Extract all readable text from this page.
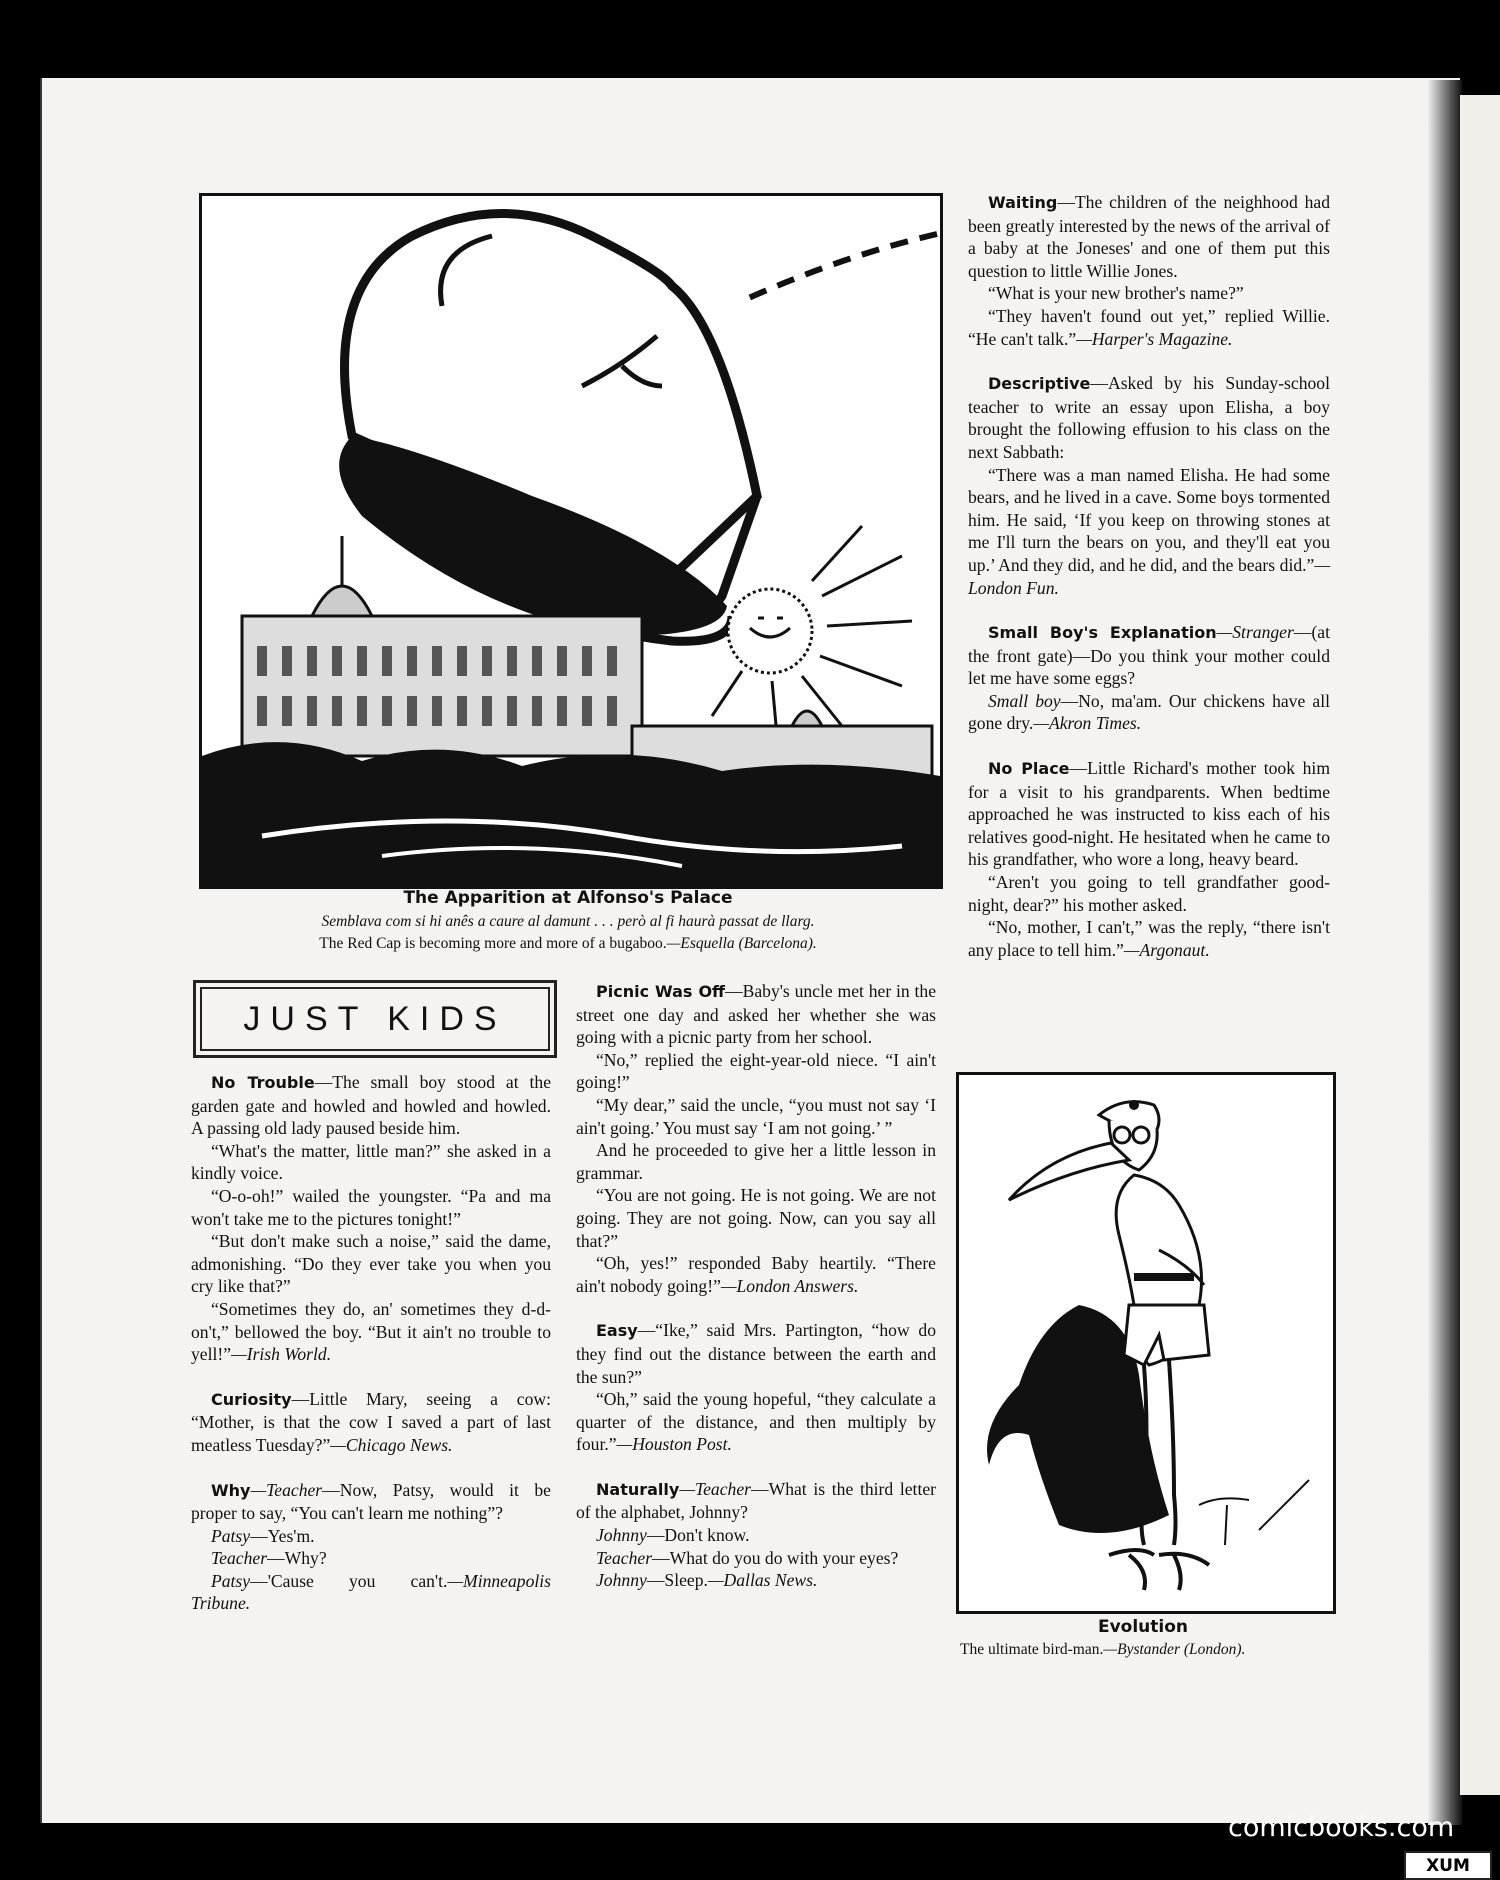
The Apparition at Alfonso's Palace
Semblava com si hi anês a caure al damunt . . . però al fi haurà passat de llarg.
The Red Cap is becoming more and more of a bugaboo.—Esquella (Barcelona).
JUST KIDS

No Trouble—The small boy stood at the garden gate and howled and howled and howled. A passing old lady paused beside him.

“What's the matter, little man?” she asked in a kindly voice.

“O-o-oh!” wailed the youngster. “Pa and ma won't take me to the pictures tonight!”

“But don't make such a noise,” said the dame, admonishing. “Do they ever take you when you cry like that?”

“Sometimes they do, an' sometimes they d-d-on't,” bellowed the boy. “But it ain't no trouble to yell!”—Irish World.

Curiosity—Little Mary, seeing a cow: “Mother, is that the cow I saved a part of last meatless Tuesday?”—Chicago News.

Why—Teacher—Now, Patsy, would it be proper to say, “You can't learn me nothing”?

Patsy—Yes'm.

Teacher—Why?

Patsy—'Cause you can't.—Minneapolis Tribune.

Picnic Was Off—Baby's uncle met her in the street one day and asked her whether she was going with a picnic party from her school.

“No,” replied the eight-year-old niece. “I ain't going!”

“My dear,” said the uncle, “you must not say ‘I ain't going.’ You must say ‘I am not going.’ ”

And he proceeded to give her a little lesson in grammar.

“You are not going. He is not going. We are not going. They are not going. Now, can you say all that?”

“Oh, yes!” responded Baby heartily. “There ain't nobody going!”—London Answers.

Easy—“Ike,” said Mrs. Partington, “how do they find out the distance between the earth and the sun?”

“Oh,” said the young hopeful, “they calculate a quarter of the distance, and then multiply by four.”—Houston Post.

Naturally—Teacher—What is the third letter of the alphabet, Johnny?

Johnny—Don't know.

Teacher—What do you do with your eyes?

Johnny—Sleep.—Dallas News.

Waiting—The children of the neighhood had been greatly interested by the news of the arrival of a baby at the Joneses' and one of them put this question to little Willie Jones.

“What is your new brother's name?”

“They haven't found out yet,” replied Willie. “He can't talk.”—Harper's Magazine.

Descriptive—Asked by his Sunday-school teacher to write an essay upon Elisha, a boy brought the following effusion to his class on the next Sabbath:

“There was a man named Elisha. He had some bears, and he lived in a cave. Some boys tormented him. He said, ‘If you keep on throwing stones at me I'll turn the bears on you, and they'll eat you up.’ And they did, and he did, and the bears did.”—London Fun.

Small Boy's Explanation—Stranger—(at the front gate)—Do you think your mother could let me have some eggs?

Small boy—No, ma'am. Our chickens have all gone dry.—Akron Times.

No Place—Little Richard's mother took him for a visit to his grandparents. When bedtime approached he was instructed to kiss each of his relatives good-night. He hesitated when he came to his grandfather, who wore a long, heavy beard.

“Aren't you going to tell grandfather good-night, dear?” his mother asked.

“No, mother, I can't,” was the reply, “there isn't any place to tell him.”—Argonaut.

Evolution
The ultimate bird-man.—Bystander (London).
comicbooks.com
XUM
